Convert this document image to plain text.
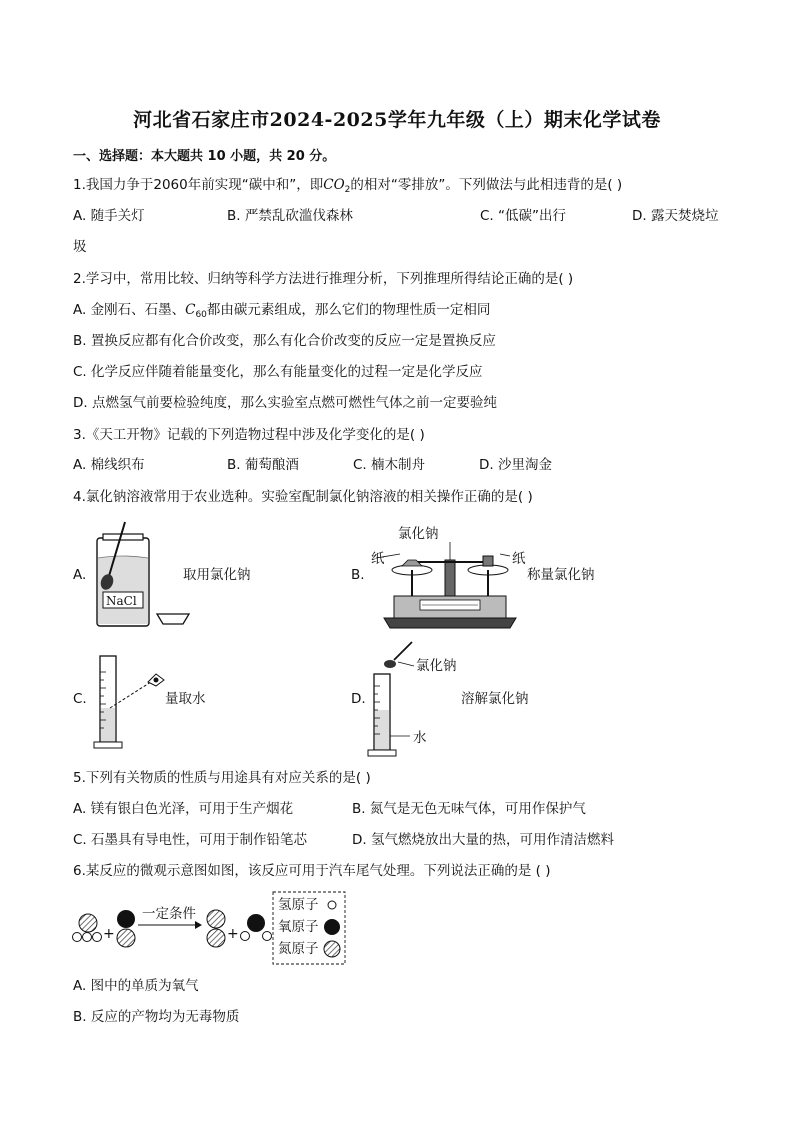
河北省石家庄市2024-2025学年九年级（上）期末化学试卷
一、选择题：本大题共 10 小题，共 20 分。
1.我国力争于2060年前实现“碳中和”，即$CO_2$的相对“零排放”。下列做法与此相违背的是( )
A. 随手关灯	B. 严禁乱砍滥伐森林	C. “低碳”出行	D. 露天焚烧垃
圾
2.学习中，常用比较、归纳等科学方法进行推理分析，下列推理所得结论正确的是( )
A. 金刚石、石墨、$C_{60}$都由碳元素组成，那么它们的物理性质一定相同
B. 置换反应都有化合价改变，那么有化合价改变的反应一定是置换反应
C. 化学反应伴随着能量变化，那么有能量变化的过程一定是化学反应
D. 点燃氢气前要检验纯度，那么实验室点燃可燃性气体之前一定要验纯
3.《天工开物》记载的下列造物过程中涉及化学变化的是( )
A. 棉线织布	B. 葡萄酿酒	C. 楠木制舟	D. 沙里淘金
4.氯化钠溶液常用于农业选种。实验室配制氯化钠溶液的相关操作正确的是( )
A.
NaCl
取用氯化钠	B.
氯化钠
纸	纸
称量氯化钠
C.	量取水	D.
氯化钠
水
溶解氯化钠
5.下列有关物质的性质与用途具有对应关系的是( )
A. 镁有银白色光泽，可用于生产烟花	B. 氮气是无色无味气体，可用作保护气
C. 石墨具有导电性，可用于制作铅笔芯	D. 氢气燃烧放出大量的热，可用作清洁燃料
6.某反应的微观示意图如图，该反应可用于汽车尾气处理。下列说法正确的是 ( )
+
一定条件
+
氢原子
氧原子
氮原子
A. 图中的单质为氧气
B. 反应的产物均为无毒物质
